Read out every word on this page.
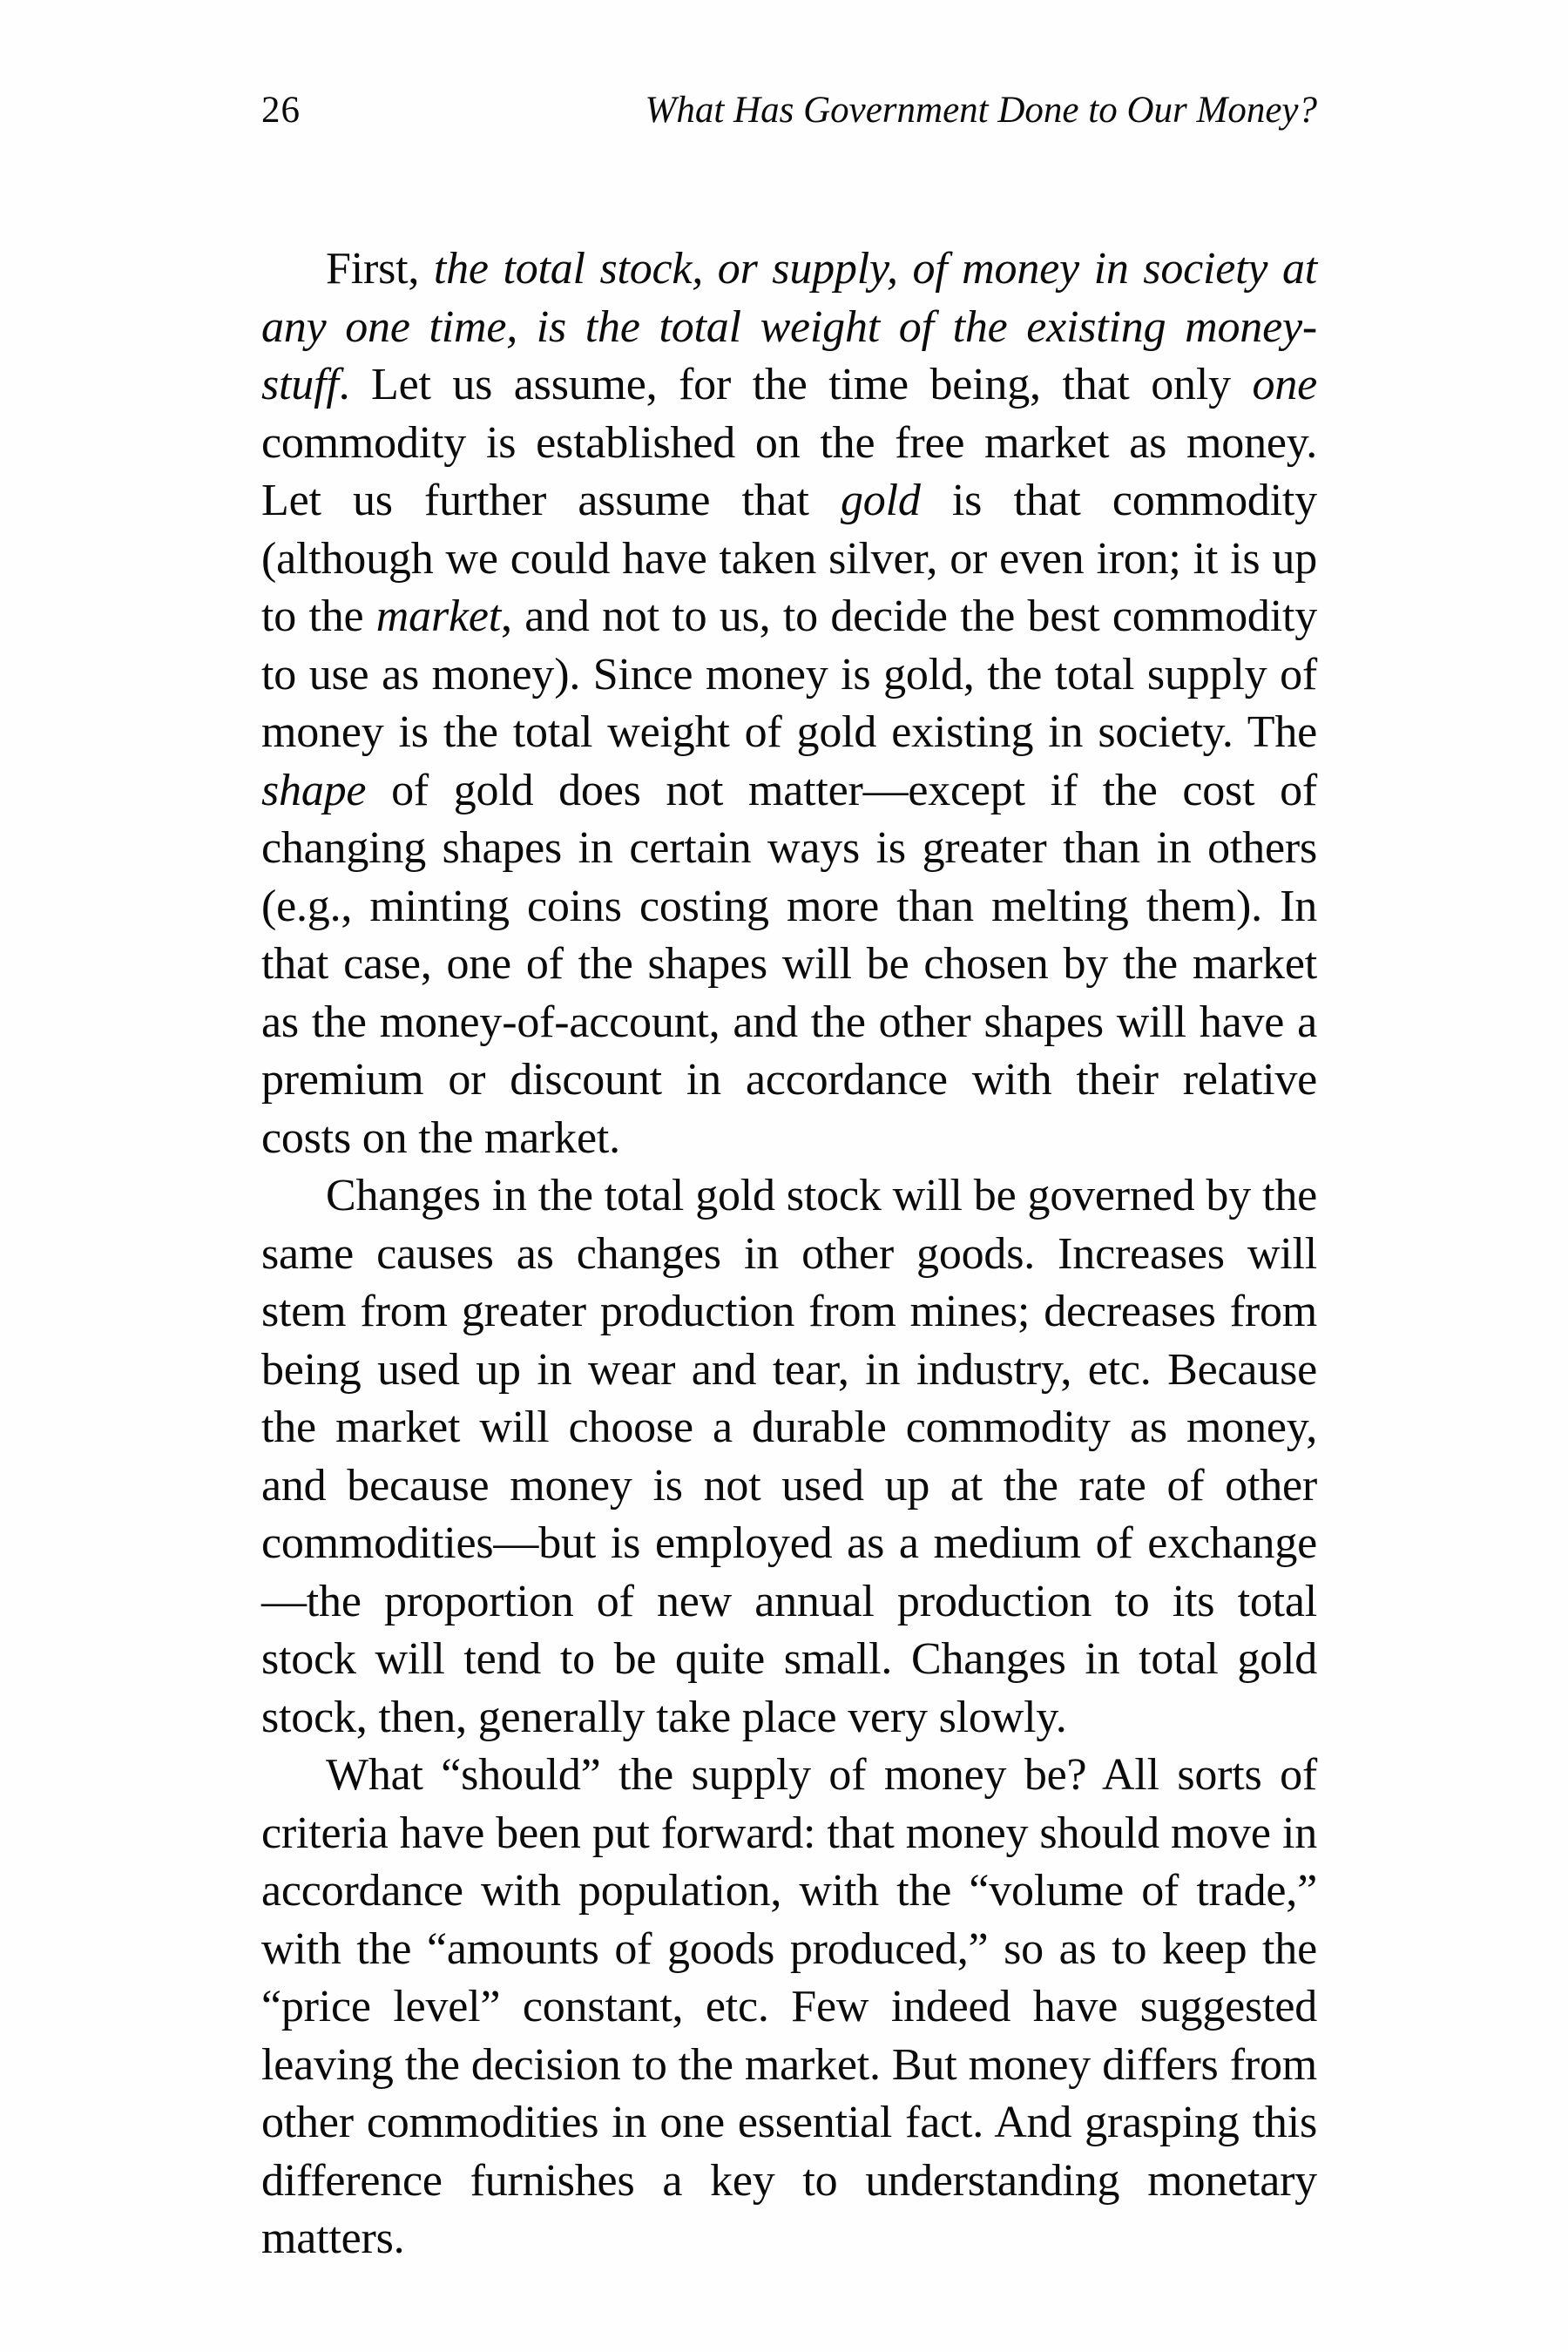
26	What Has Government Done to Our Money?

First, the total stock, or supply, of money in society at any one time, is the total weight of the existing money-stuff. Let us assume, for the time being, that only one commodity is established on the free market as money. Let us further assume that gold is that commodity (although we could have taken silver, or even iron; it is up to the market, and not to us, to decide the best commodity to use as money). Since money is gold, the total supply of money is the total weight of gold existing in society. The shape of gold does not matter—except if the cost of changing shapes in certain ways is greater than in others (e.g., minting coins costing more than melting them). In that case, one of the shapes will be chosen by the market as the money-of-account, and the other shapes will have a premium or discount in accordance with their relative costs on the market.

Changes in the total gold stock will be governed by the same causes as changes in other goods. Increases will stem from greater production from mines; decreases from being used up in wear and tear, in industry, etc. Because the market will choose a durable commodity as money, and because money is not used up at the rate of other commodities—but is employed as a medium of exchange—the proportion of new annual production to its total stock will tend to be quite small. Changes in total gold stock, then, generally take place very slowly.

What “should” the supply of money be? All sorts of criteria have been put forward: that money should move in accordance with population, with the “volume of trade,” with the “amounts of goods produced,” so as to keep the “price level” constant, etc. Few indeed have suggested leaving the decision to the market. But money differs from other commodities in one essential fact. And grasping this difference furnishes a key to understanding monetary matters.
